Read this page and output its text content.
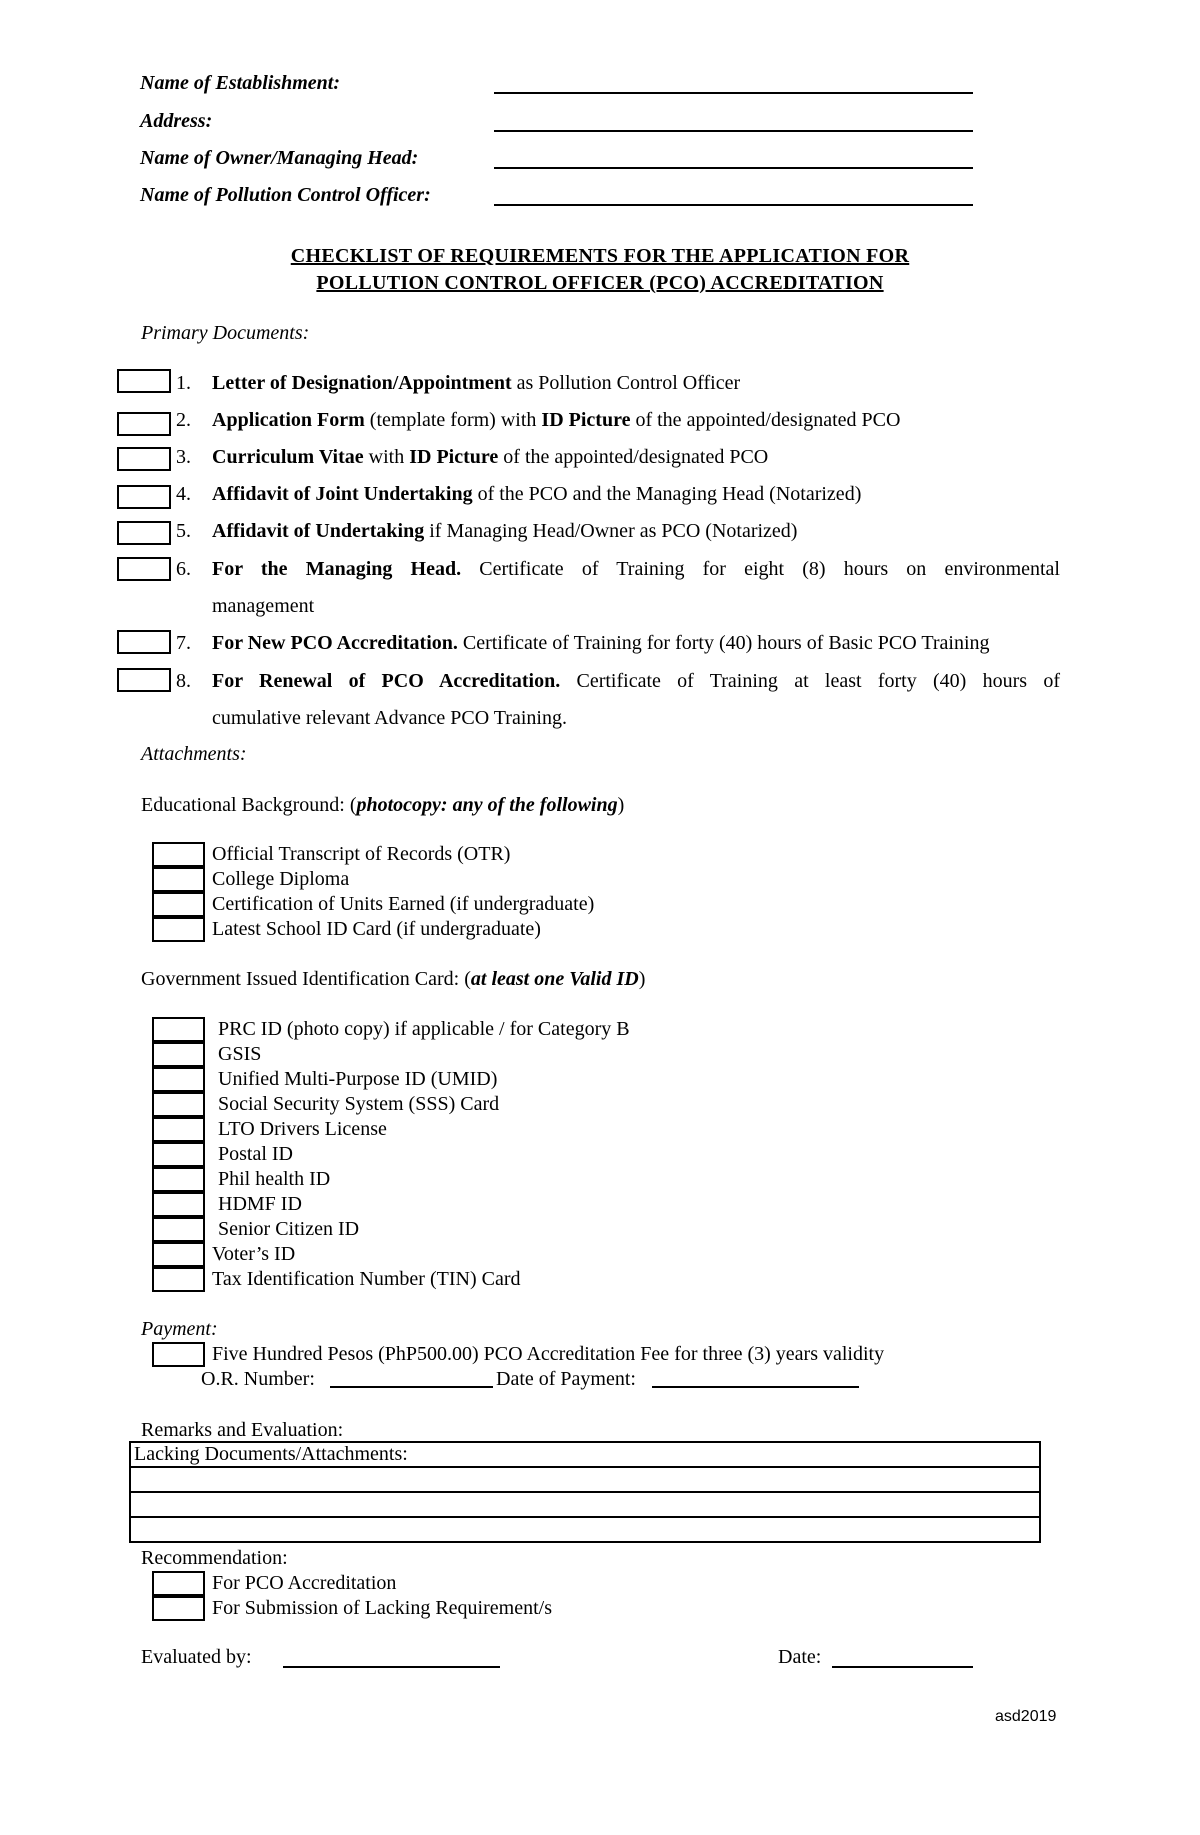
Name of Establishment:
Address:
Name of Owner/Managing Head:
Name of Pollution Control Officer:
CHECKLIST OF REQUIREMENTS FOR THE APPLICATION FOR
POLLUTION CONTROL OFFICER (PCO) ACCREDITATION
Primary Documents:
1. Letter of Designation/Appointment as Pollution Control Officer
2. Application Form (template form) with ID Picture of the appointed/designated PCO
3. Curriculum Vitae with ID Picture of the appointed/designated PCO
4. Affidavit of Joint Undertaking of the PCO and the Managing Head (Notarized)
5. Affidavit of Undertaking if Managing Head/Owner as PCO (Notarized)
6. For the Managing Head. Certificate of Training for eight (8) hours on environmental
management
7. For New PCO Accreditation. Certificate of Training for forty (40) hours of Basic PCO Training
8. For Renewal of PCO Accreditation. Certificate of Training at least forty (40) hours of
cumulative relevant Advance PCO Training.
Attachments:
Educational Background: (photocopy: any of the following)
Official Transcript of Records (OTR)
College Diploma
Certification of Units Earned (if undergraduate)
Latest School ID Card (if undergraduate)
Government Issued Identification Card: (at least one Valid ID)
PRC ID (photo copy) if applicable / for Category B
GSIS
Unified Multi-Purpose ID (UMID)
Social Security System (SSS) Card
LTO Drivers License
Postal ID
Phil health ID
HDMF ID
Senior Citizen ID
Voter’s ID
Tax Identification Number (TIN) Card
Payment:
Five Hundred Pesos (PhP500.00) PCO Accreditation Fee for three (3) years validity
O.R. Number:	Date of Payment:
Remarks and Evaluation:
Lacking Documents/Attachments:

Recommendation:
For PCO Accreditation
For Submission of Lacking Requirement/s
Evaluated by:	Date:
asd2019
